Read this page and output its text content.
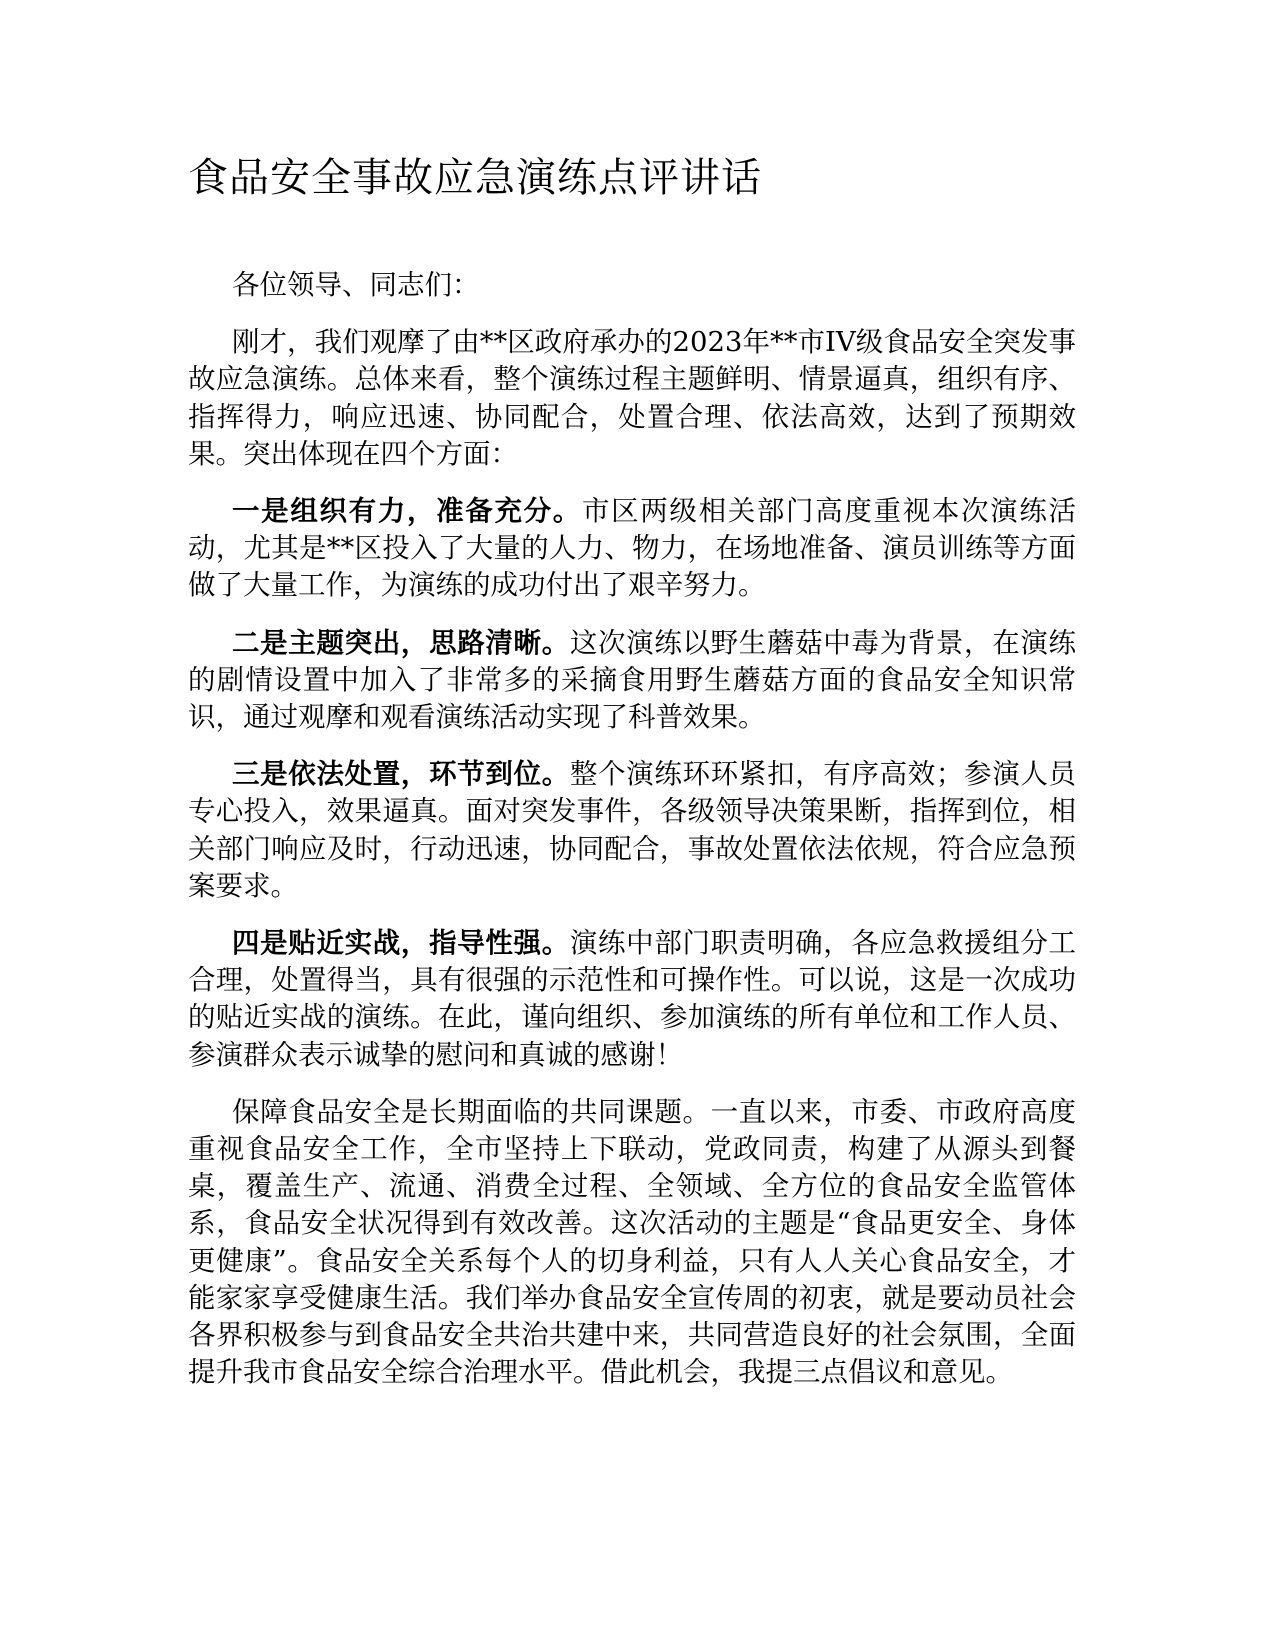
食品安全事故应急演练点评讲话

各位领导、同志们：

刚才，我们观摩了由**区政府承办的2023年**市IV级食品安全突发事故应急演练。总体来看，整个演练过程主题鲜明、情景逼真，组织有序、指挥得力，响应迅速、协同配合，处置合理、依法高效，达到了预期效果。突出体现在四个方面：

一是组织有力，准备充分。市区两级相关部门高度重视本次演练活动，尤其是**区投入了大量的人力、物力，在场地准备、演员训练等方面做了大量工作，为演练的成功付出了艰辛努力。

二是主题突出，思路清晰。这次演练以野生蘑菇中毒为背景，在演练的剧情设置中加入了非常多的采摘食用野生蘑菇方面的食品安全知识常识，通过观摩和观看演练活动实现了科普效果。

三是依法处置，环节到位。整个演练环环紧扣，有序高效；参演人员专心投入，效果逼真。面对突发事件，各级领导决策果断，指挥到位，相关部门响应及时，行动迅速，协同配合，事故处置依法依规，符合应急预案要求。

四是贴近实战，指导性强。演练中部门职责明确，各应急救援组分工合理，处置得当，具有很强的示范性和可操作性。可以说，这是一次成功的贴近实战的演练。在此，谨向组织、参加演练的所有单位和工作人员、参演群众表示诚挚的慰问和真诚的感谢！

保障食品安全是长期面临的共同课题。一直以来，市委、市政府高度重视食品安全工作，全市坚持上下联动，党政同责，构建了从源头到餐桌，覆盖生产、流通、消费全过程、全领域、全方位的食品安全监管体系，食品安全状况得到有效改善。这次活动的主题是“食品更安全、身体更健康”。食品安全关系每个人的切身利益，只有人人关心食品安全，才能家家享受健康生活。我们举办食品安全宣传周的初衷，就是要动员社会各界积极参与到食品安全共治共建中来，共同营造良好的社会氛围，全面提升我市食品安全综合治理水平。借此机会，我提三点倡议和意见。
